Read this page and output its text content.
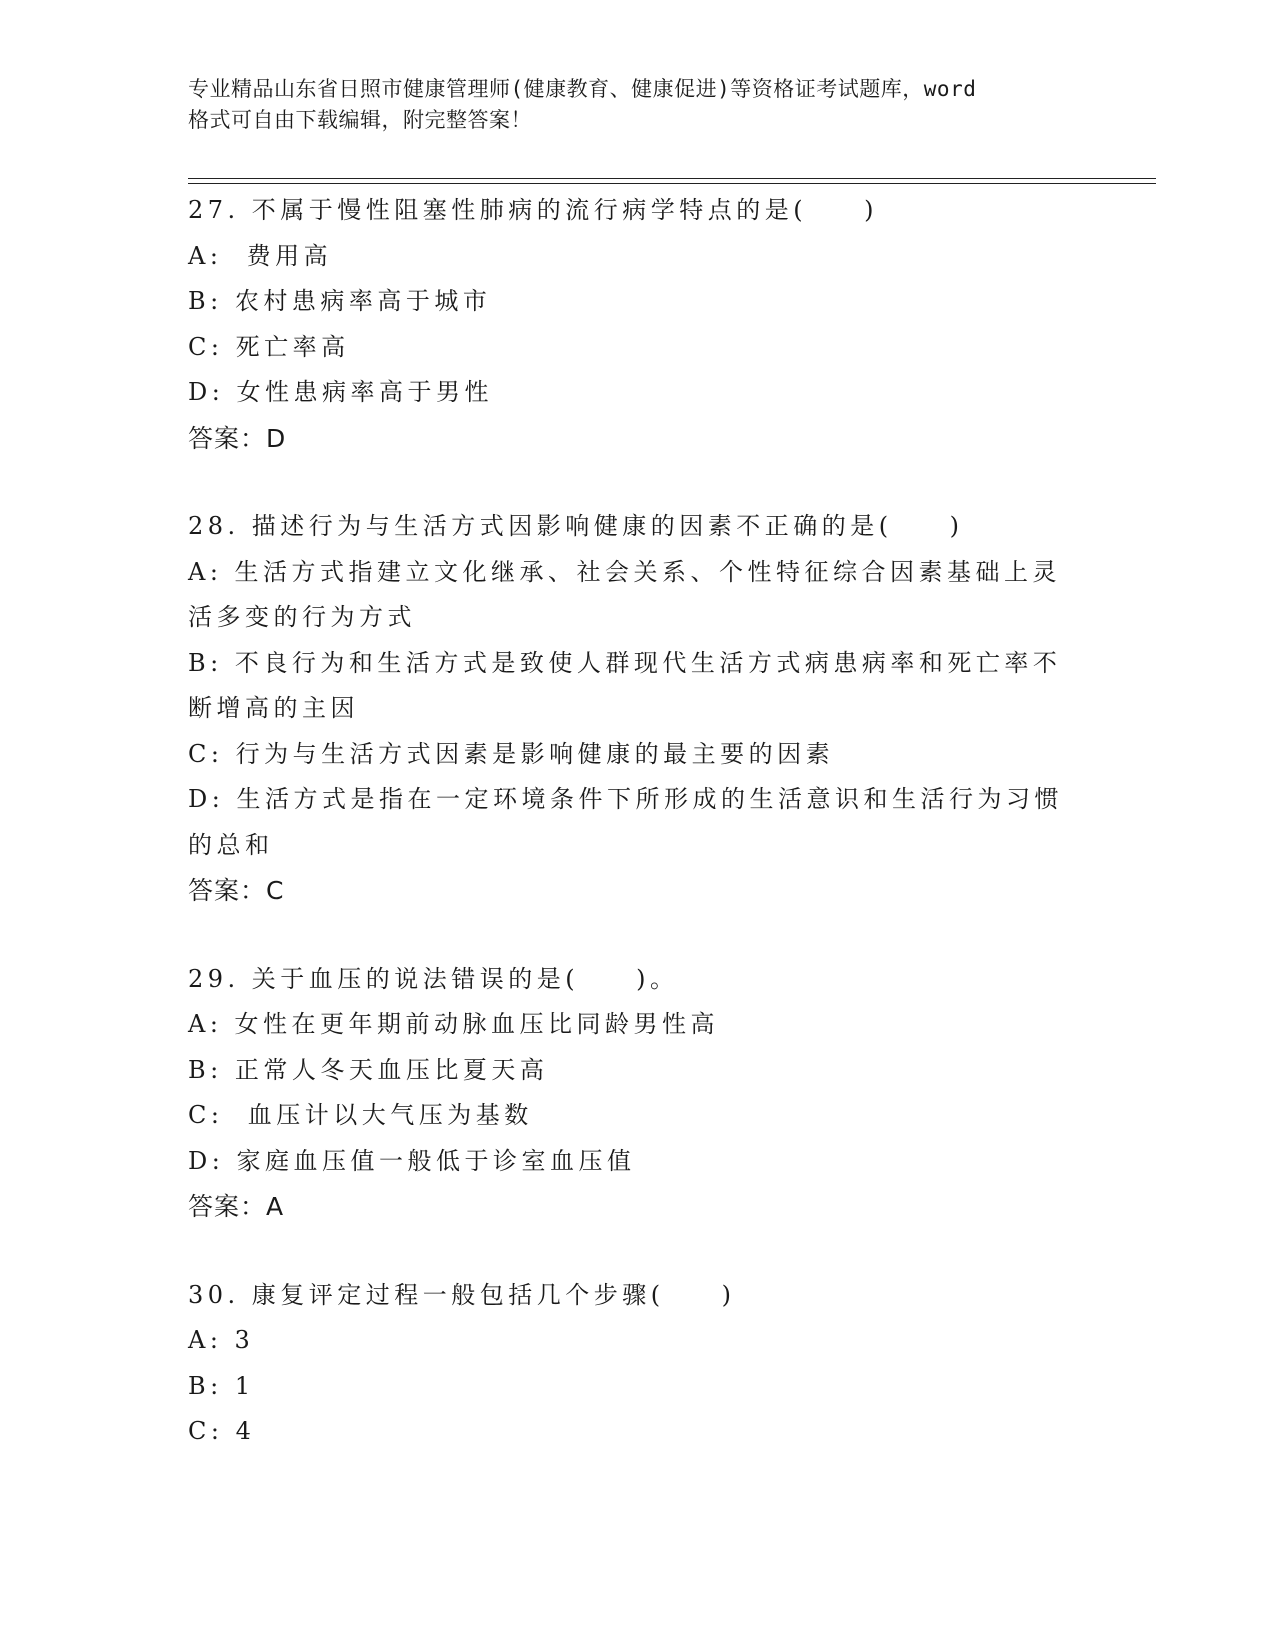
专业精品山东省日照市健康管理师(健康教育、健康促进)等资格证考试题库，word
格式可自由下载编辑，附完整答案！
27. 不属于慢性阻塞性肺病的流行病学特点的是(　　)
A:  费用高
B: 农村患病率高于城市
C: 死亡率高
D: 女性患病率高于男性
答案：D
28. 描述行为与生活方式因影响健康的因素不正确的是(　　)
A: 生活方式指建立文化继承、社会关系、个性特征综合因素基础上灵活多变的行为方式
B: 不良行为和生活方式是致使人群现代生活方式病患病率和死亡率不断增高的主因
C: 行为与生活方式因素是影响健康的最主要的因素
D: 生活方式是指在一定环境条件下所形成的生活意识和生活行为习惯的总和
答案：C
29. 关于血压的说法错误的是(　　)。
A: 女性在更年期前动脉血压比同龄男性高
B: 正常人冬天血压比夏天高
C:  血压计以大气压为基数
D: 家庭血压值一般低于诊室血压值
答案：A
30. 康复评定过程一般包括几个步骤(　　)
A: 3
B: 1
C: 4
